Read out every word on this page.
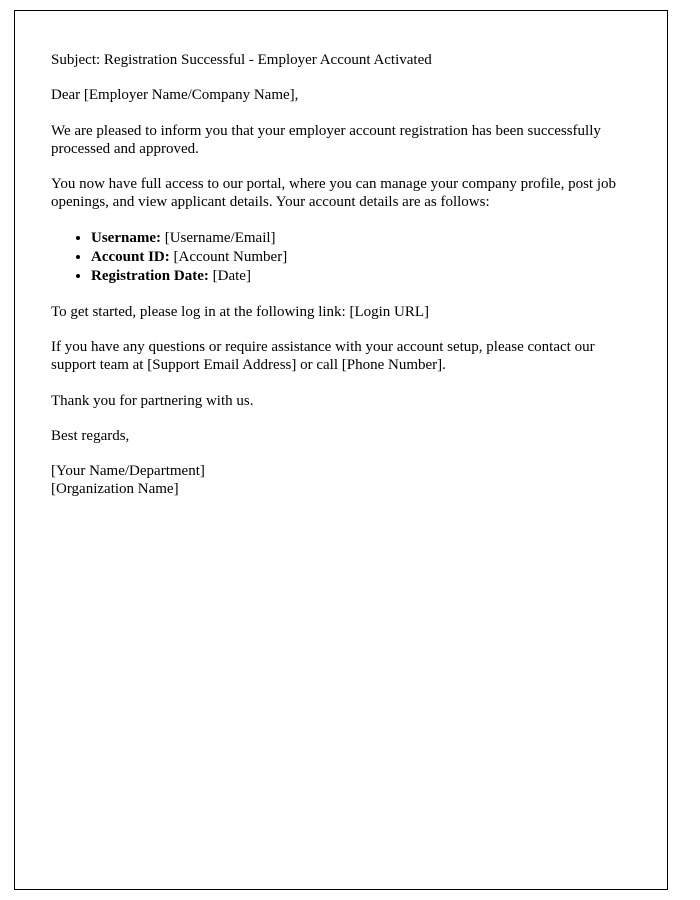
Subject: Registration Successful - Employer Account Activated

Dear [Employer Name/Company Name],

We are pleased to inform you that your employer account registration has been successfully processed and approved.

You now have full access to our portal, where you can manage your company profile, post job openings, and view applicant details. Your account details are as follows:

• Username: [Username/Email]
• Account ID: [Account Number]
• Registration Date: [Date]

To get started, please log in at the following link: [Login URL]

If you have any questions or require assistance with your account setup, please contact our support team at [Support Email Address] or call [Phone Number].

Thank you for partnering with us.

Best regards,

[Your Name/Department]
[Organization Name]
